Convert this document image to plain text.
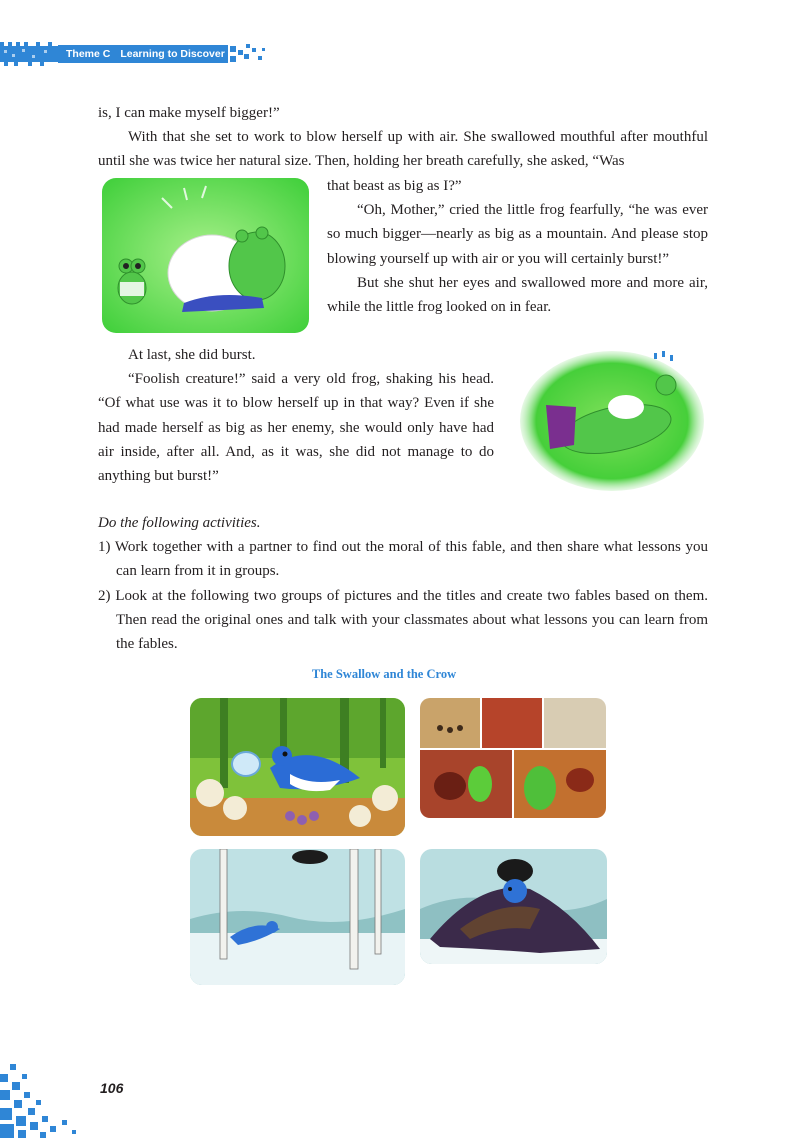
Theme C Learning to Discover

is, I can make myself bigger!”

With that she set to work to blow herself up with air. She swallowed mouthful after mouthful until she was twice her natural size. Then, holding her breath carefully, she asked, “Was

that beast as big as I?”

“Oh, Mother,” cried the little frog fearfully, “he was ever so much bigger—nearly as big as a mountain. And please stop blowing yourself up with air or you will certainly burst!”

But she shut her eyes and swallowed more and more air, while the little frog looked on in fear.

At last, she did burst.

“Foolish creature!” said a very old frog, shaking his head. “Of what use was it to blow herself up in that way? Even if she had made herself as big as her enemy, she would only have had air inside, after all. And, as it was, she did not manage to do anything but burst!”

Do the following activities.

1) Work together with a partner to find out the moral of this fable, and then share what lessons you can learn from it in groups.

2) Look at the following two groups of pictures and the titles and create two fables based on them. Then read the original ones and talk with your classmates about what lessons you can learn from the fables.

The Swallow and the Crow
106
